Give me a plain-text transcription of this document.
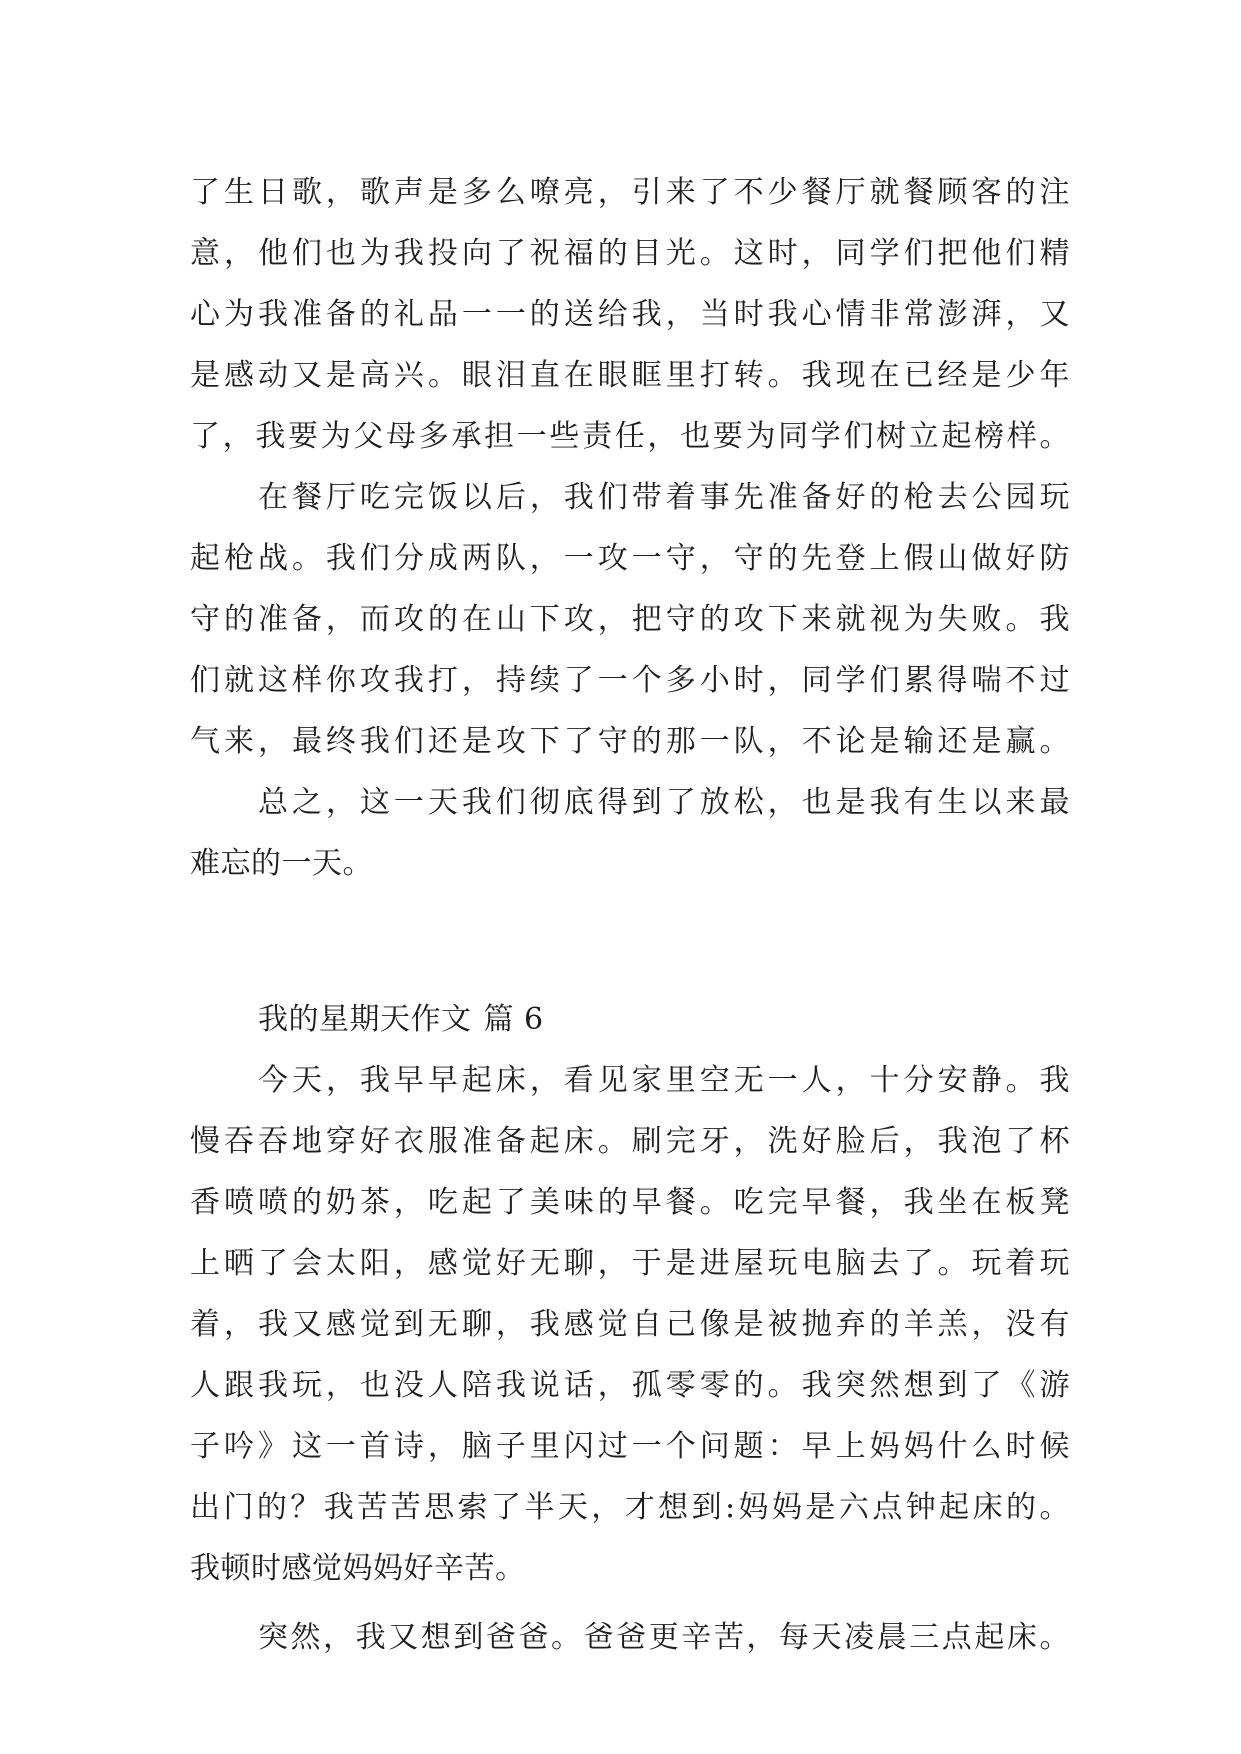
了生日歌，歌声是多么嘹亮，引来了不少餐厅就餐顾客的注
意，他们也为我投向了祝福的目光。这时，同学们把他们精
心为我准备的礼品一一的送给我，当时我心情非常澎湃，又
是感动又是高兴。眼泪直在眼眶里打转。我现在已经是少年
了，我要为父母多承担一些责任，也要为同学们树立起榜样。
在餐厅吃完饭以后，我们带着事先准备好的枪去公园玩
起枪战。我们分成两队，一攻一守，守的先登上假山做好防
守的准备，而攻的在山下攻，把守的攻下来就视为失败。我
们就这样你攻我打，持续了一个多小时，同学们累得喘不过
气来，最终我们还是攻下了守的那一队，不论是输还是赢。
总之，这一天我们彻底得到了放松，也是我有生以来最
难忘的一天。
我的星期天作文 篇 6
今天，我早早起床，看见家里空无一人，十分安静。我
慢吞吞地穿好衣服准备起床。刷完牙，洗好脸后，我泡了杯
香喷喷的奶茶，吃起了美味的早餐。吃完早餐，我坐在板凳
上晒了会太阳，感觉好无聊，于是进屋玩电脑去了。玩着玩
着，我又感觉到无聊，我感觉自己像是被抛弃的羊羔，没有
人跟我玩，也没人陪我说话，孤零零的。我突然想到了《游
子吟》这一首诗，脑子里闪过一个问题：早上妈妈什么时候
出门的？我苦苦思索了半天，才想到:妈妈是六点钟起床的。
我顿时感觉妈妈好辛苦。
突然，我又想到爸爸。爸爸更辛苦，每天凌晨三点起床。
